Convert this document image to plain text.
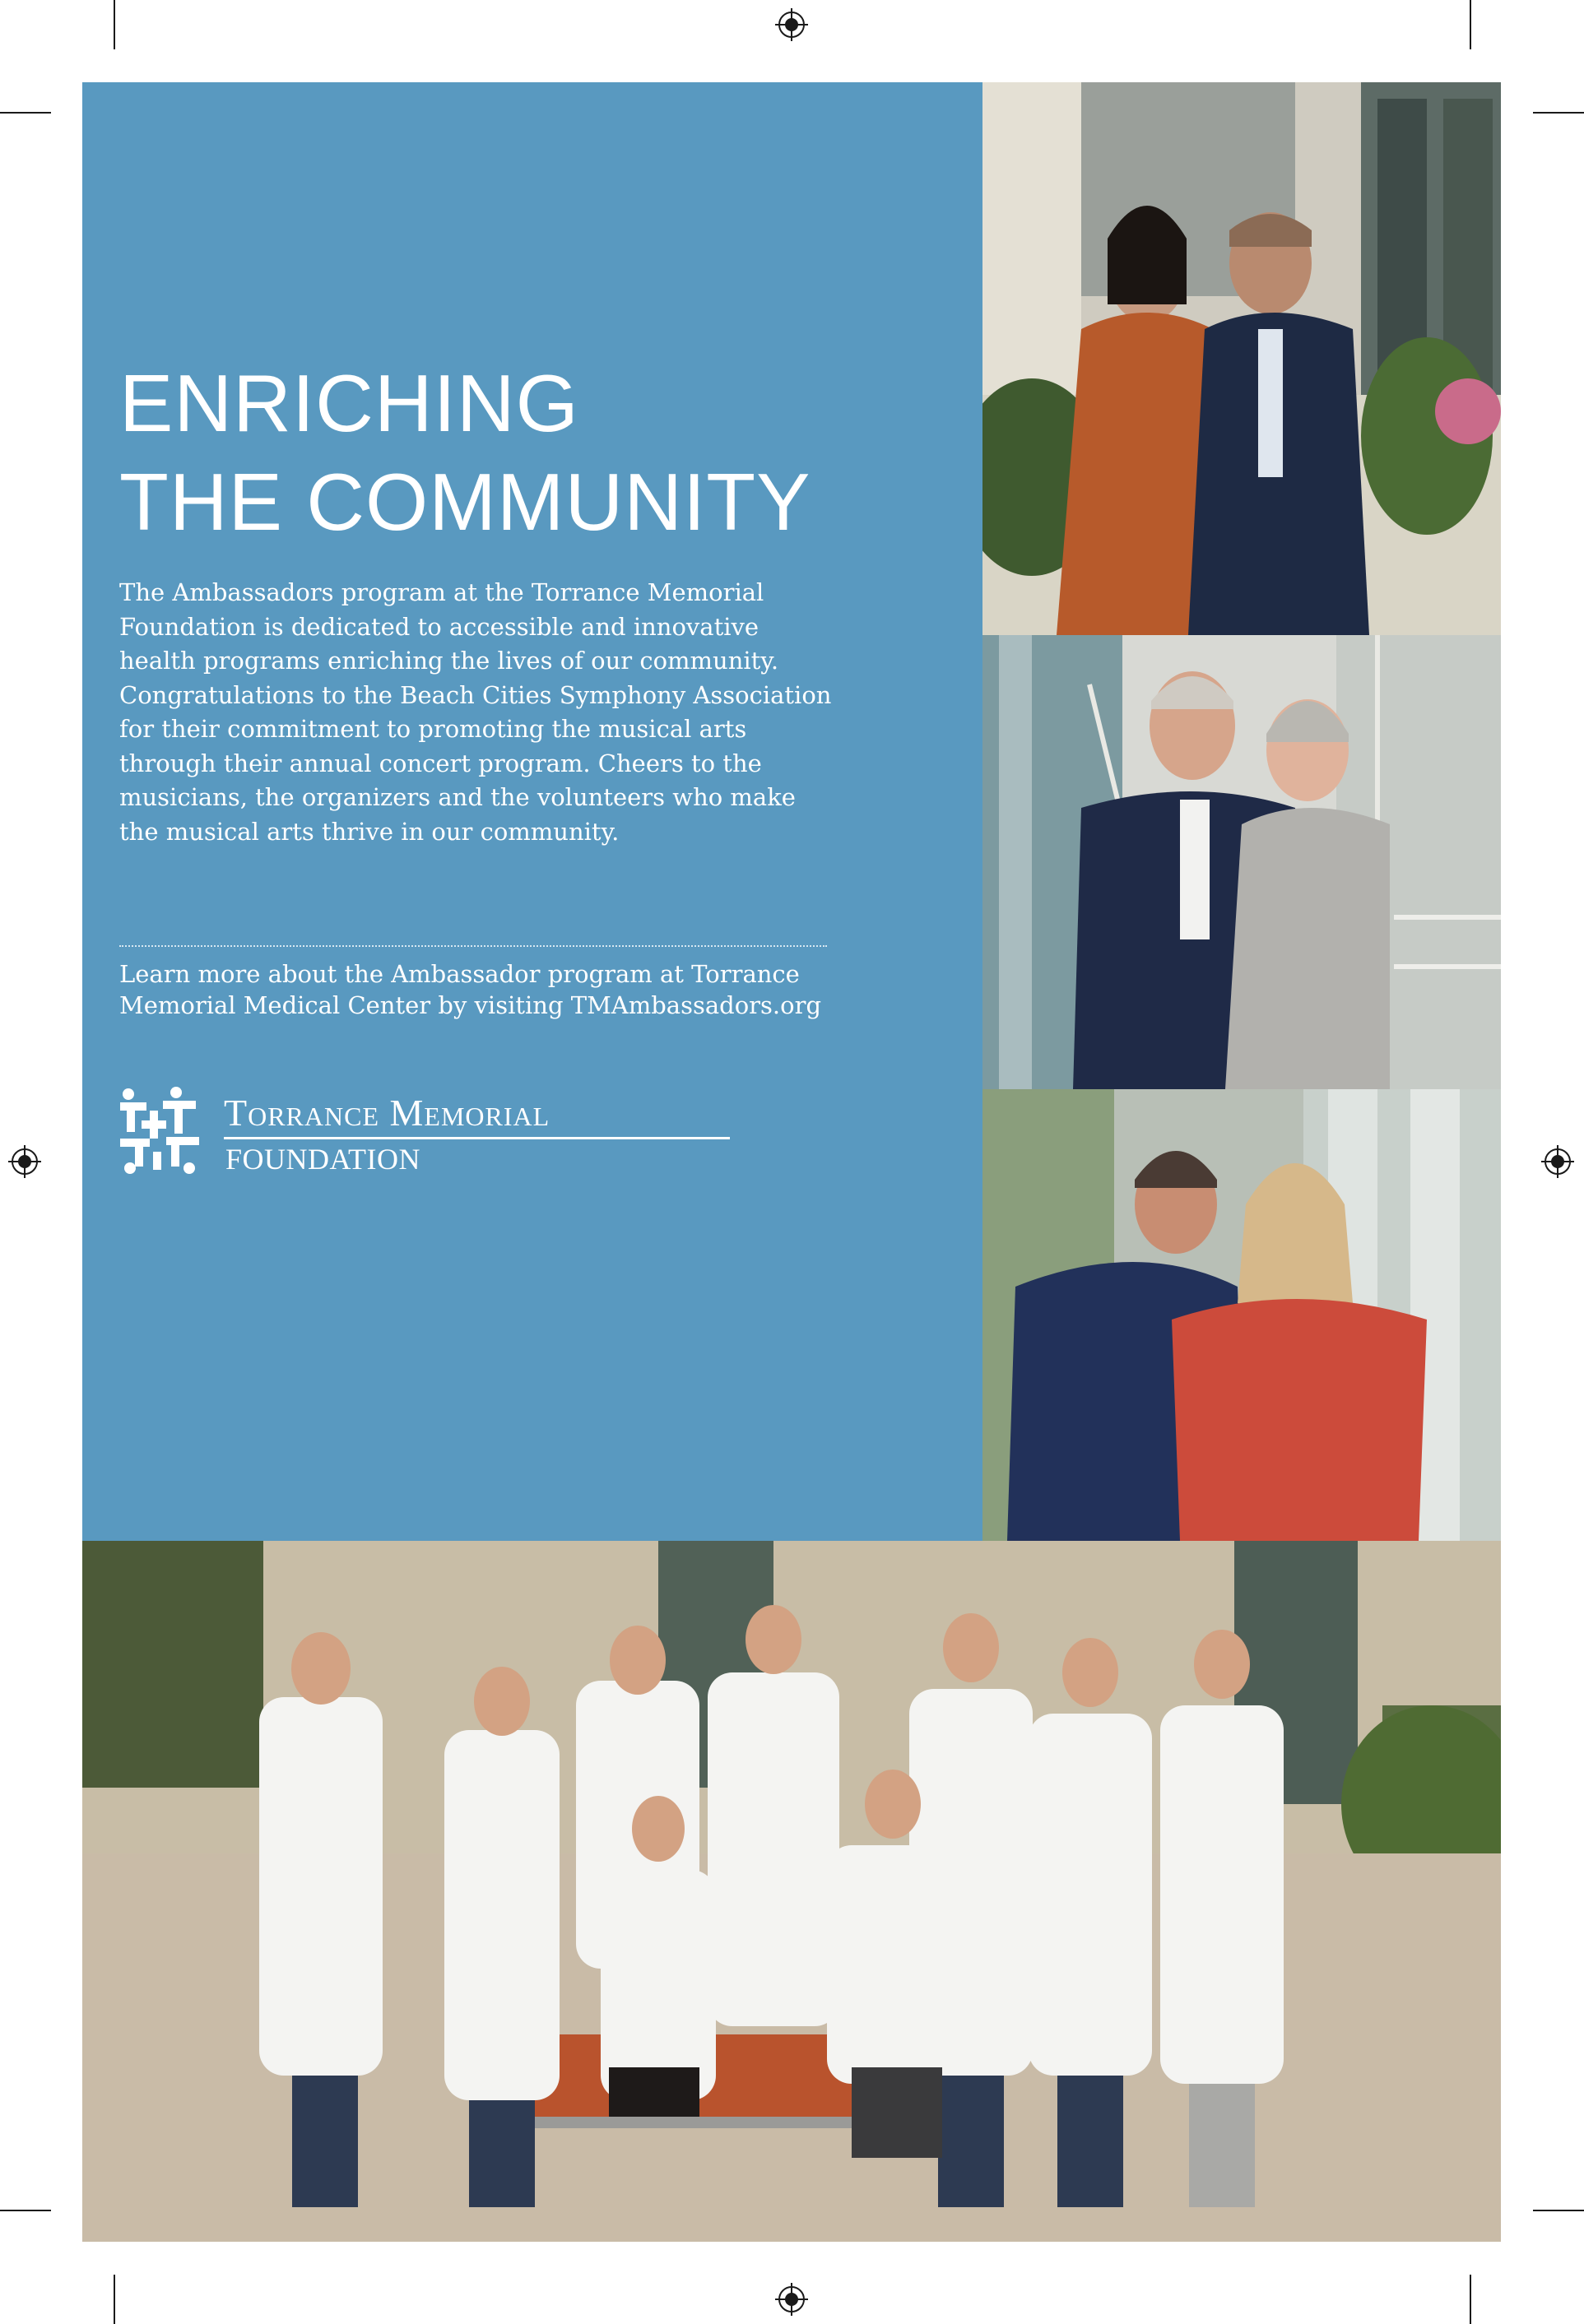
ENRICHING
THE COMMUNITY

The Ambassadors program at the Torrance Memorial Foundation is dedicated to accessible and innovative health programs enriching the lives of our community. Congratulations to the Beach Cities Symphony Association for their commitment to promoting the musical arts through their annual concert program. Cheers to the musicians, the organizers and the volunteers who make the musical arts thrive in our community.

Learn more about the Ambassador program at Torrance Memorial Medical Center by visiting TMAmbassadors.org

Torrance Memorial
FOUNDATION
